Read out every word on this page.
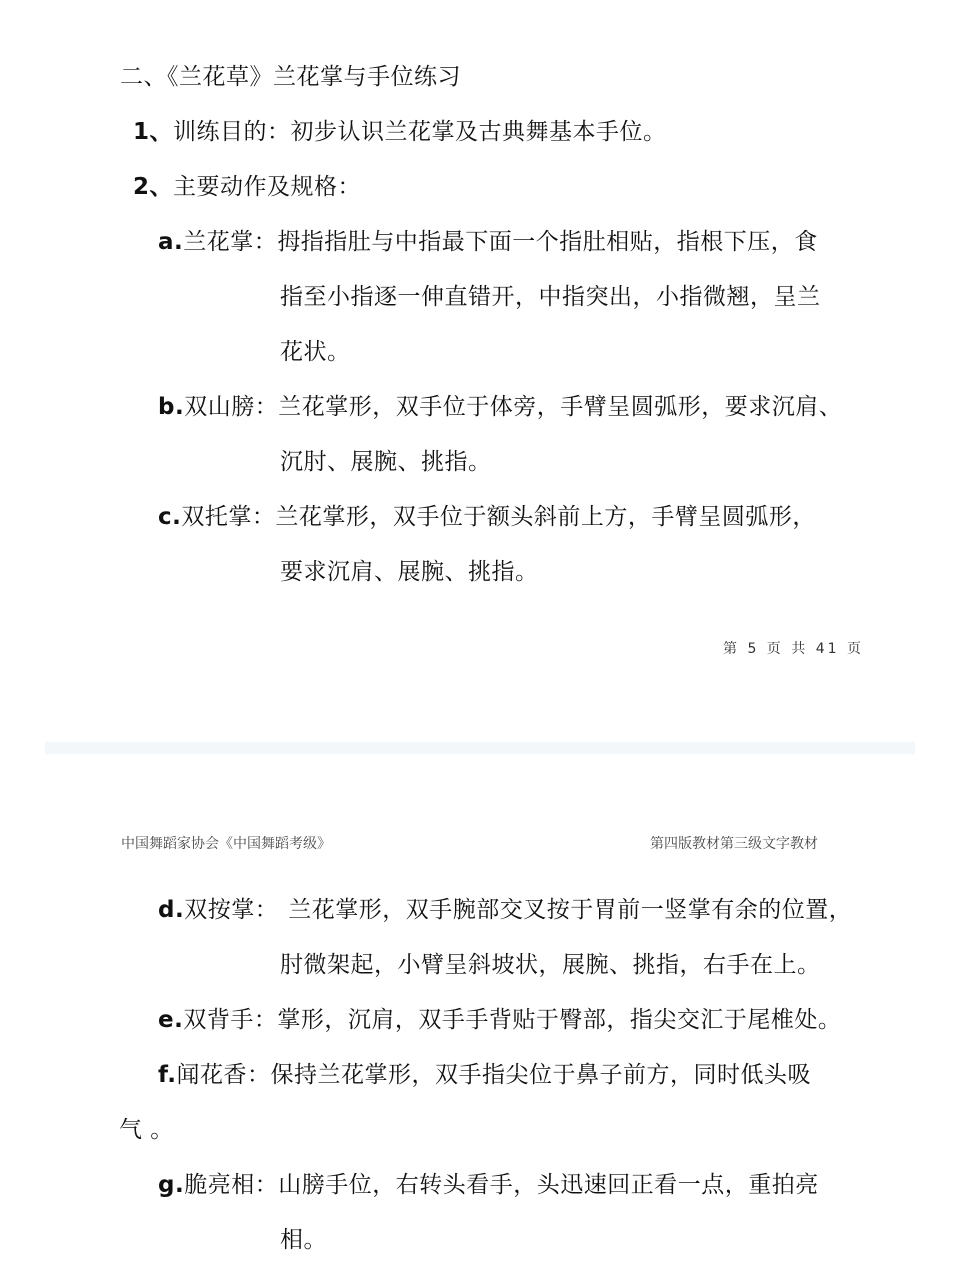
二、《兰花草》兰花掌与手位练习
1、训练目的：初步认识兰花掌及古典舞基本手位。
2、主要动作及规格：
a.兰花掌：拇指指肚与中指最下面一个指肚相贴，指根下压，食
指至小指逐一伸直错开，中指突出，小指微翘，呈兰
花状。
b.双山膀：兰花掌形，双手位于体旁，手臂呈圆弧形，要求沉肩、
沉肘、展腕、挑指。
c.双托掌：兰花掌形，双手位于额头斜前上方，手臂呈圆弧形，
要求沉肩、展腕、挑指。
第 5 页 共 41 页
中国舞蹈家协会《中国舞蹈考级》	第四版教材第三级文字教材
d.双按掌： 兰花掌形，双手腕部交叉按于胃前一竖掌有余的位置，
肘微架起，小臂呈斜坡状，展腕、挑指，右手在上。
e.双背手：掌形，沉肩，双手手背贴于臀部，指尖交汇于尾椎处。
f.闻花香：保持兰花掌形，双手指尖位于鼻子前方，同时低头吸
气 。
g.脆亮相：山膀手位，右转头看手，头迅速回正看一点，重拍亮
相。
